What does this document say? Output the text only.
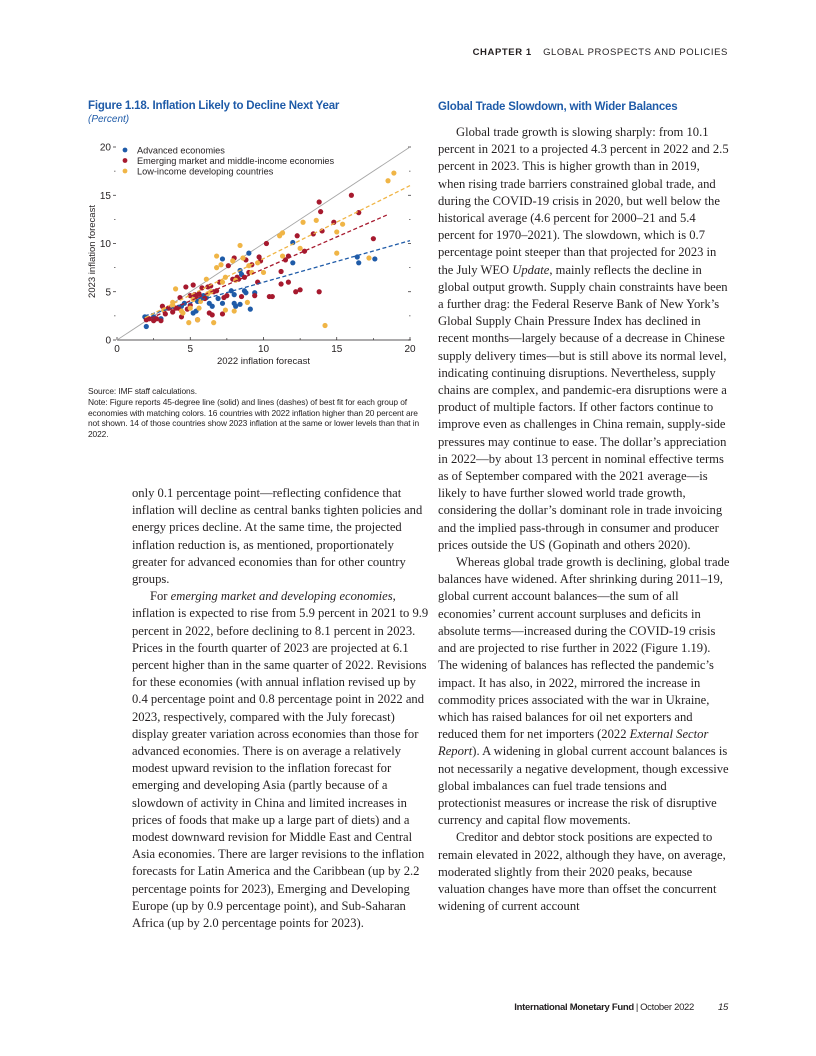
CHAPTER 1 GLOBAL PROSPECTS AND POLICIES
Figure 1.18. Inflation Likely to Decline Next Year
(Percent)
0	5	10	15	20
0
5
10
15
20
2022 inflation forecast
2023 inflation forecast
Advanced economies
Emerging market and middle-income economies
Low-income developing countries

Source: IMF staff calculations.

Note: Figure reports 45-degree line (solid) and lines (dashes) of best fit for each group of economies with matching colors. 16 countries with 2022 inflation higher than 20 percent are not shown. 14 of those countries show 2023 inflation at the same or lower levels than that in 2022.

only 0.1 percentage point—reflecting confidence that inflation will decline as central banks tighten policies and energy prices decline. At the same time, the projected inflation reduction is, as mentioned, proportionately greater for advanced economies than for other country groups.

For emerging market and developing economies, inflation is expected to rise from 5.9 percent in 2021 to 9.9 percent in 2022, before declining to 8.1 percent in 2023. Prices in the fourth quarter of 2023 are projected at 6.1 percent higher than in the same quarter of 2022. Revisions for these economies (with annual inflation revised up by 0.4 percentage point and 0.8 percentage point in 2022 and 2023, respectively, compared with the July forecast) display greater variation across economies than those for advanced economies. There is on average a relatively modest upward revision to the inflation forecast for emerging and developing Asia (partly because of a slowdown of activity in China and limited increases in prices of foods that make up a large part of diets) and a modest downward revision for Middle East and Central Asia economies. There are larger revisions to the inflation forecasts for Latin America and the Caribbean (up by 2.2 percentage points for 2023), Emerging and Developing Europe (up by 0.9 percentage point), and Sub-Saharan Africa (up by 2.0 percentage points for 2023).

Global Trade Slowdown, with Wider Balances

Global trade growth is slowing sharply: from 10.1 percent in 2021 to a projected 4.3 percent in 2022 and 2.5 percent in 2023. This is higher growth than in 2019, when rising trade barriers constrained global trade, and during the COVID-19 crisis in 2020, but well below the historical average (4.6 percent for 2000–21 and 5.4 percent for 1970–2021). The slowdown, which is 0.7 percentage point steeper than that projected for 2023 in the July WEO Update, mainly reflects the decline in global output growth. Supply chain constraints have been a further drag: the Federal Reserve Bank of New York’s Global Supply Chain Pressure Index has declined in recent months—largely because of a decrease in Chinese supply delivery times—but is still above its normal level, indicating continuing disruptions. Nevertheless, supply chains are complex, and pandemic-era disruptions were a product of multiple factors. If other factors continue to improve even as challenges in China remain, supply-side pressures may continue to ease. The dollar’s appreciation in 2022—by about 13 percent in nominal effective terms as of September compared with the 2021 average—is likely to have further slowed world trade growth, considering the dollar’s dominant role in trade invoicing and the implied pass-through in consumer and producer prices outside the US (Gopinath and others 2020).

Whereas global trade growth is declining, global trade balances have widened. After shrinking during 2011–19, global current account balances—the sum of all economies’ current account surpluses and deficits in absolute terms—increased during the COVID-19 crisis and are projected to rise further in 2022 (Figure 1.19). The widening of balances has reflected the pandemic’s impact. It has also, in 2022, mirrored the increase in commodity prices associated with the war in Ukraine, which has raised balances for oil net exporters and reduced them for net importers (2022 External Sector Report). A widening in global current account balances is not necessarily a negative development, though excessive global imbalances can fuel trade tensions and protectionist measures or increase the risk of disruptive currency and capital flow movements.

Creditor and debtor stock positions are expected to remain elevated in 2022, although they have, on average, moderated slightly from their 2020 peaks, because valuation changes have more than offset the concurrent widening of current account

International Monetary Fund | October 2022	15
